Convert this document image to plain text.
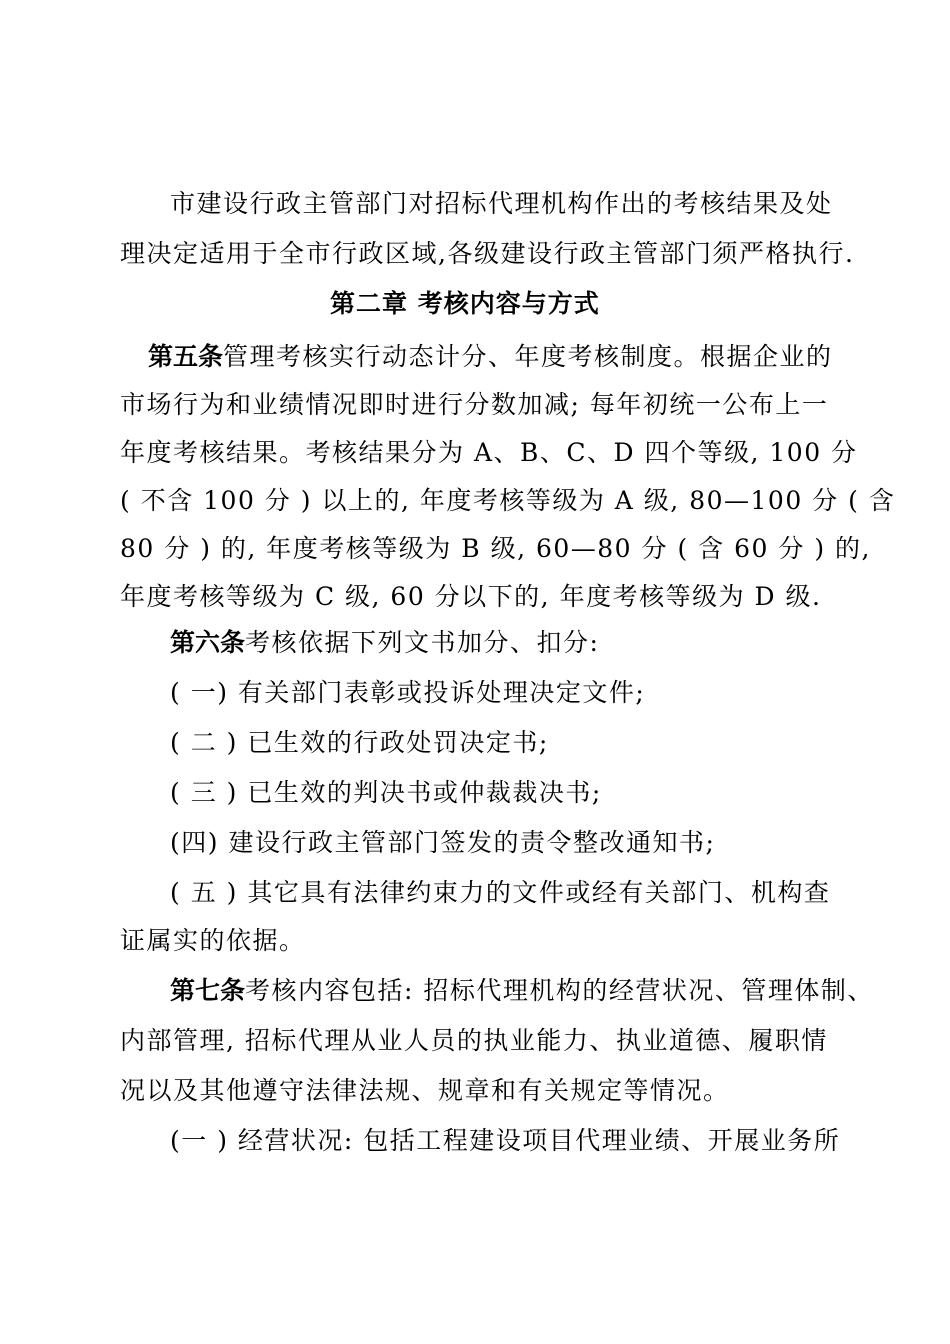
市建设行政主管部门对招标代理机构作出的考核结果及处
理决定适用于全市行政区域,各级建设行政主管部门须严格执行.
第二章 考核内容与方式
第五条管理考核实行动态计分、年度考核制度。根据企业的
市场行为和业绩情况即时进行分数加减; 每年初统一公布上一
年度考核结果。考核结果分为 A、B、C、D 四个等级, 100 分
( 不含 100 分 ) 以上的, 年度考核等级为 A 级, 80—100 分 ( 含
80 分 ) 的, 年度考核等级为 B 级, 60—80 分 ( 含 60 分 ) 的,
年度考核等级为 C 级, 60 分以下的, 年度考核等级为 D 级.
第六条考核依据下列文书加分、扣分:
( 一) 有关部门表彰或投诉处理决定文件;
( 二 ) 已生效的行政处罚决定书;
( 三 ) 已生效的判决书或仲裁裁决书;
(四) 建设行政主管部门签发的责令整改通知书;
( 五 ) 其它具有法律约束力的文件或经有关部门、机构查
证属实的依据。
第七条考核内容包括: 招标代理机构的经营状况、管理体制、
内部管理, 招标代理从业人员的执业能力、执业道德、履职情
况以及其他遵守法律法规、规章和有关规定等情况。
(一 ) 经营状况: 包括工程建设项目代理业绩、开展业务所
